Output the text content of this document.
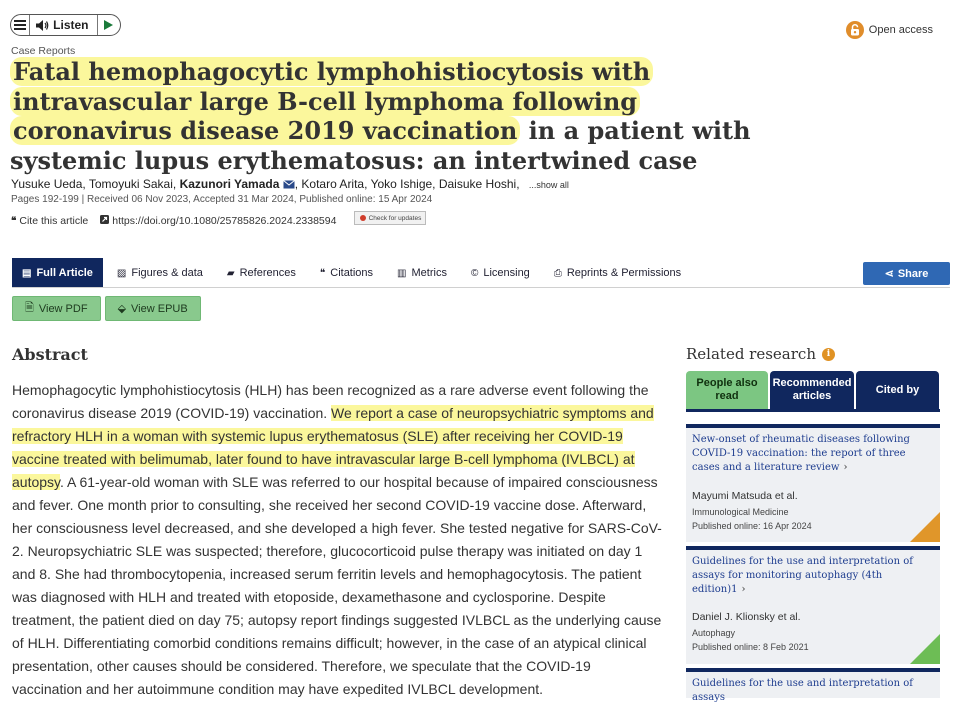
Listen	Open access
Case Reports
Fatal hemophagocytic lymphohistiocytosis with intravascular large B-cell lymphoma following coronavirus disease 2019 vaccination in a patient with systemic lupus erythematosus: an intertwined case
Yusuke Ueda, Tomoyuki Sakai, Kazunori Yamada , Kotaro Arita, Yoko Ishige, Daisuke Hoshi, ...show all
Pages 192-199 | Received 06 Nov 2023, Accepted 31 Mar 2024, Published online: 15 Apr 2024
❝ Cite this article https://doi.org/10.1080/25785826.2024.2338594	Check for updates
▤ Full Article ▨ Figures & data ▰ References ❝ Citations ▥ Metrics © Licensing ⎙ Reprints & Permissions	⋖ Share
🗎 View PDF	⬙ View EPUB
Abstract

Hemophagocytic lymphohistiocytosis (HLH) has been recognized as a rare adverse event following the coronavirus disease 2019 (COVID-19) vaccination. We report a case of neuropsychiatric symptoms and refractory HLH in a woman with systemic lupus erythematosus (SLE) after receiving her COVID-19 vaccine treated with belimumab, later found to have intravascular large B-cell lymphoma (IVLBCL) at autopsy. A 61-year-old woman with SLE was referred to our hospital because of impaired consciousness and fever. One month prior to consulting, she received her second COVID-19 vaccine dose. Afterward, her consciousness level decreased, and she developed a high fever. She tested negative for SARS-CoV-2. Neuropsychiatric SLE was suspected; therefore, glucocorticoid pulse therapy was initiated on day 1 and 8. She had thrombocytopenia, increased serum ferritin levels and hemophagocytosis. The patient was diagnosed with HLH and treated with etoposide, dexamethasone and cyclosporine. Despite treatment, the patient died on day 75; autopsy report findings suggested IVLBCL as the underlying cause of HLH. Differentiating comorbid conditions remains difficult; however, in the case of an atypical clinical presentation, other causes should be considered. Therefore, we speculate that the COVID-19 vaccination and her autoimmune condition may have expedited IVLBCL development.

Related research	i
People also read
Recommended articles
Cited by
New-onset of rheumatic diseases following COVID-19 vaccination: the report of three cases and a literature review ›
Mayumi Matsuda et al.
Immunological Medicine
Published online: 16 Apr 2024
Guidelines for the use and interpretation of assays for monitoring autophagy (4th edition)1 ›
Daniel J. Klionsky et al.
Autophagy
Published online: 8 Feb 2021
Guidelines for the use and interpretation of assays
